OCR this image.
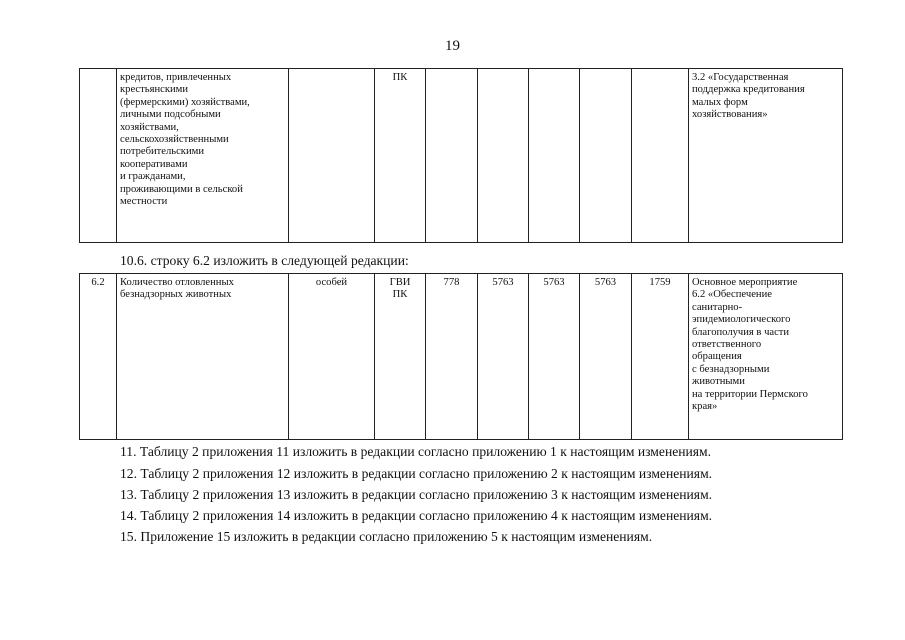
19
	кредитов, привлеченных
крестьянскими
(фермерскими) хозяйствами,
личными подсобными
хозяйствами,
сельскохозяйственными
потребительскими
кооперативами
и гражданами,
проживающими в сельской
местности		ПК						3.2 «Государственная
поддержка кредитования
малых форм
хозяйствования»
10.6. строку 6.2 изложить в следующей редакции:
6.2	Количество отловленных
безнадзорных животных	особей	ГВИ
ПК	778	5763	5763	5763	1759	Основное мероприятие
6.2 «Обеспечение
санитарно-
эпидемиологического
благополучия в части
ответственного
обращения
с безнадзорными
животными
на территории Пермского
края»
11. Таблицу 2 приложения 11 изложить в редакции согласно приложению 1 к настоящим изменениям.
12. Таблицу 2 приложения 12 изложить в редакции согласно приложению 2 к настоящим изменениям.
13. Таблицу 2 приложения 13 изложить в редакции согласно приложению 3 к настоящим изменениям.
14. Таблицу 2 приложения 14 изложить в редакции согласно приложению 4 к настоящим изменениям.
15. Приложение 15 изложить в редакции согласно приложению 5 к настоящим изменениям.
